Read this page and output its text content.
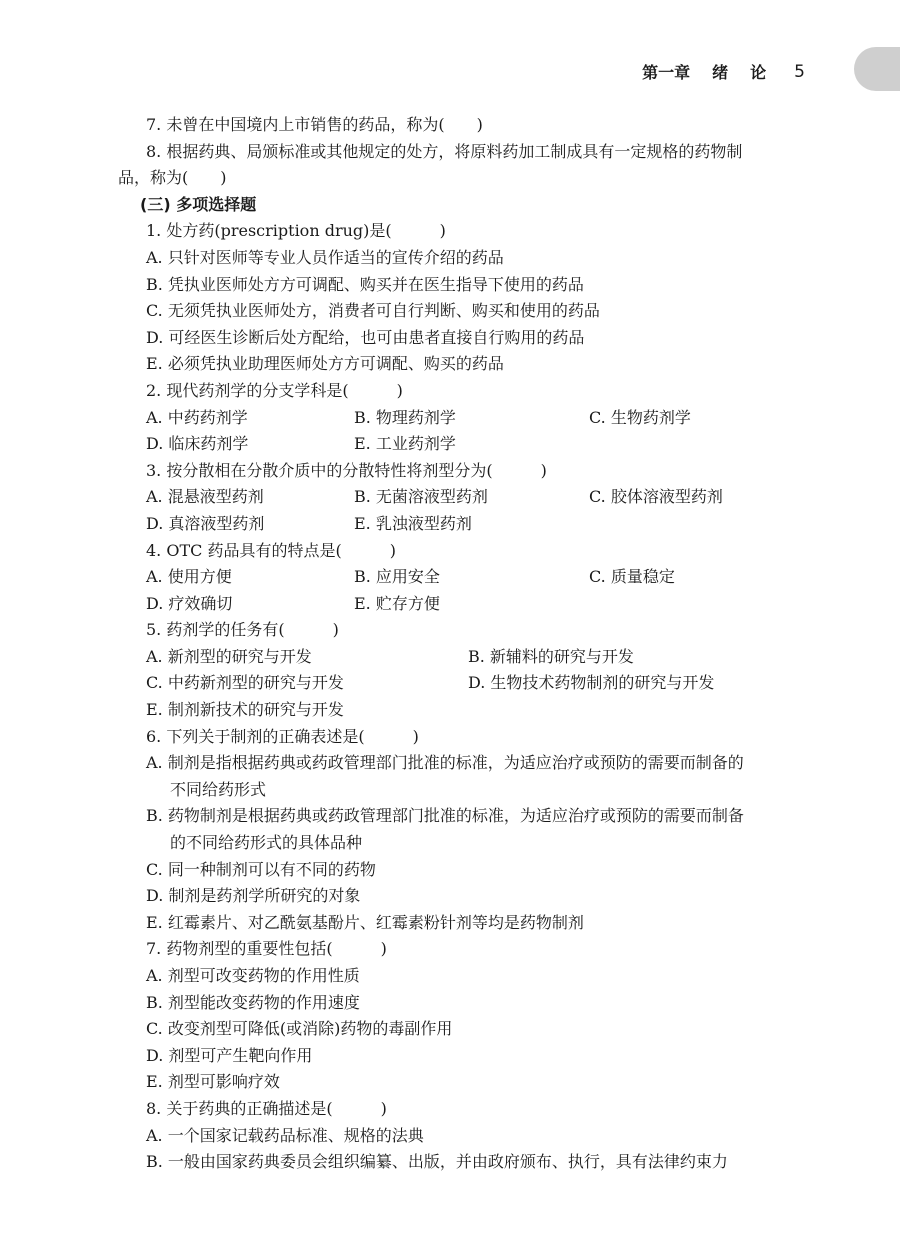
第一章 绪论 5
7. 未曾在中国境内上市销售的药品，称为(　　)
8. 根据药典、局颁标准或其他规定的处方，将原料药加工制成具有一定规格的药物制
品，称为(　　)
(三) 多项选择题
1. 处方药(prescription drug)是(　　　)
A. 只针对医师等专业人员作适当的宣传介绍的药品
B. 凭执业医师处方方可调配、购买并在医生指导下使用的药品
C. 无须凭执业医师处方，消费者可自行判断、购买和使用的药品
D. 可经医生诊断后处方配给，也可由患者直接自行购用的药品
E. 必须凭执业助理医师处方方可调配、购买的药品
2. 现代药剂学的分支学科是(　　　)
A. 中药药剂学	B. 物理药剂学	C. 生物药剂学
D. 临床药剂学	E. 工业药剂学
3. 按分散相在分散介质中的分散特性将剂型分为(　　　)
A. 混悬液型药剂	B. 无菌溶液型药剂	C. 胶体溶液型药剂
D. 真溶液型药剂	E. 乳浊液型药剂
4. OTC 药品具有的特点是(　　　)
A. 使用方便	B. 应用安全	C. 质量稳定
D. 疗效确切	E. 贮存方便
5. 药剂学的任务有(　　　)
A. 新剂型的研究与开发	B. 新辅料的研究与开发
C. 中药新剂型的研究与开发	D. 生物技术药物制剂的研究与开发
E. 制剂新技术的研究与开发
6. 下列关于制剂的正确表述是(　　　)
A. 制剂是指根据药典或药政管理部门批准的标准，为适应治疗或预防的需要而制备的
不同给药形式
B. 药物制剂是根据药典或药政管理部门批准的标准，为适应治疗或预防的需要而制备
的不同给药形式的具体品种
C. 同一种制剂可以有不同的药物
D. 制剂是药剂学所研究的对象
E. 红霉素片、对乙酰氨基酚片、红霉素粉针剂等均是药物制剂
7. 药物剂型的重要性包括(　　　)
A. 剂型可改变药物的作用性质
B. 剂型能改变药物的作用速度
C. 改变剂型可降低(或消除)药物的毒副作用
D. 剂型可产生靶向作用
E. 剂型可影响疗效
8. 关于药典的正确描述是(　　　)
A. 一个国家记载药品标准、规格的法典
B. 一般由国家药典委员会组织编纂、出版，并由政府颁布、执行，具有法律约束力
